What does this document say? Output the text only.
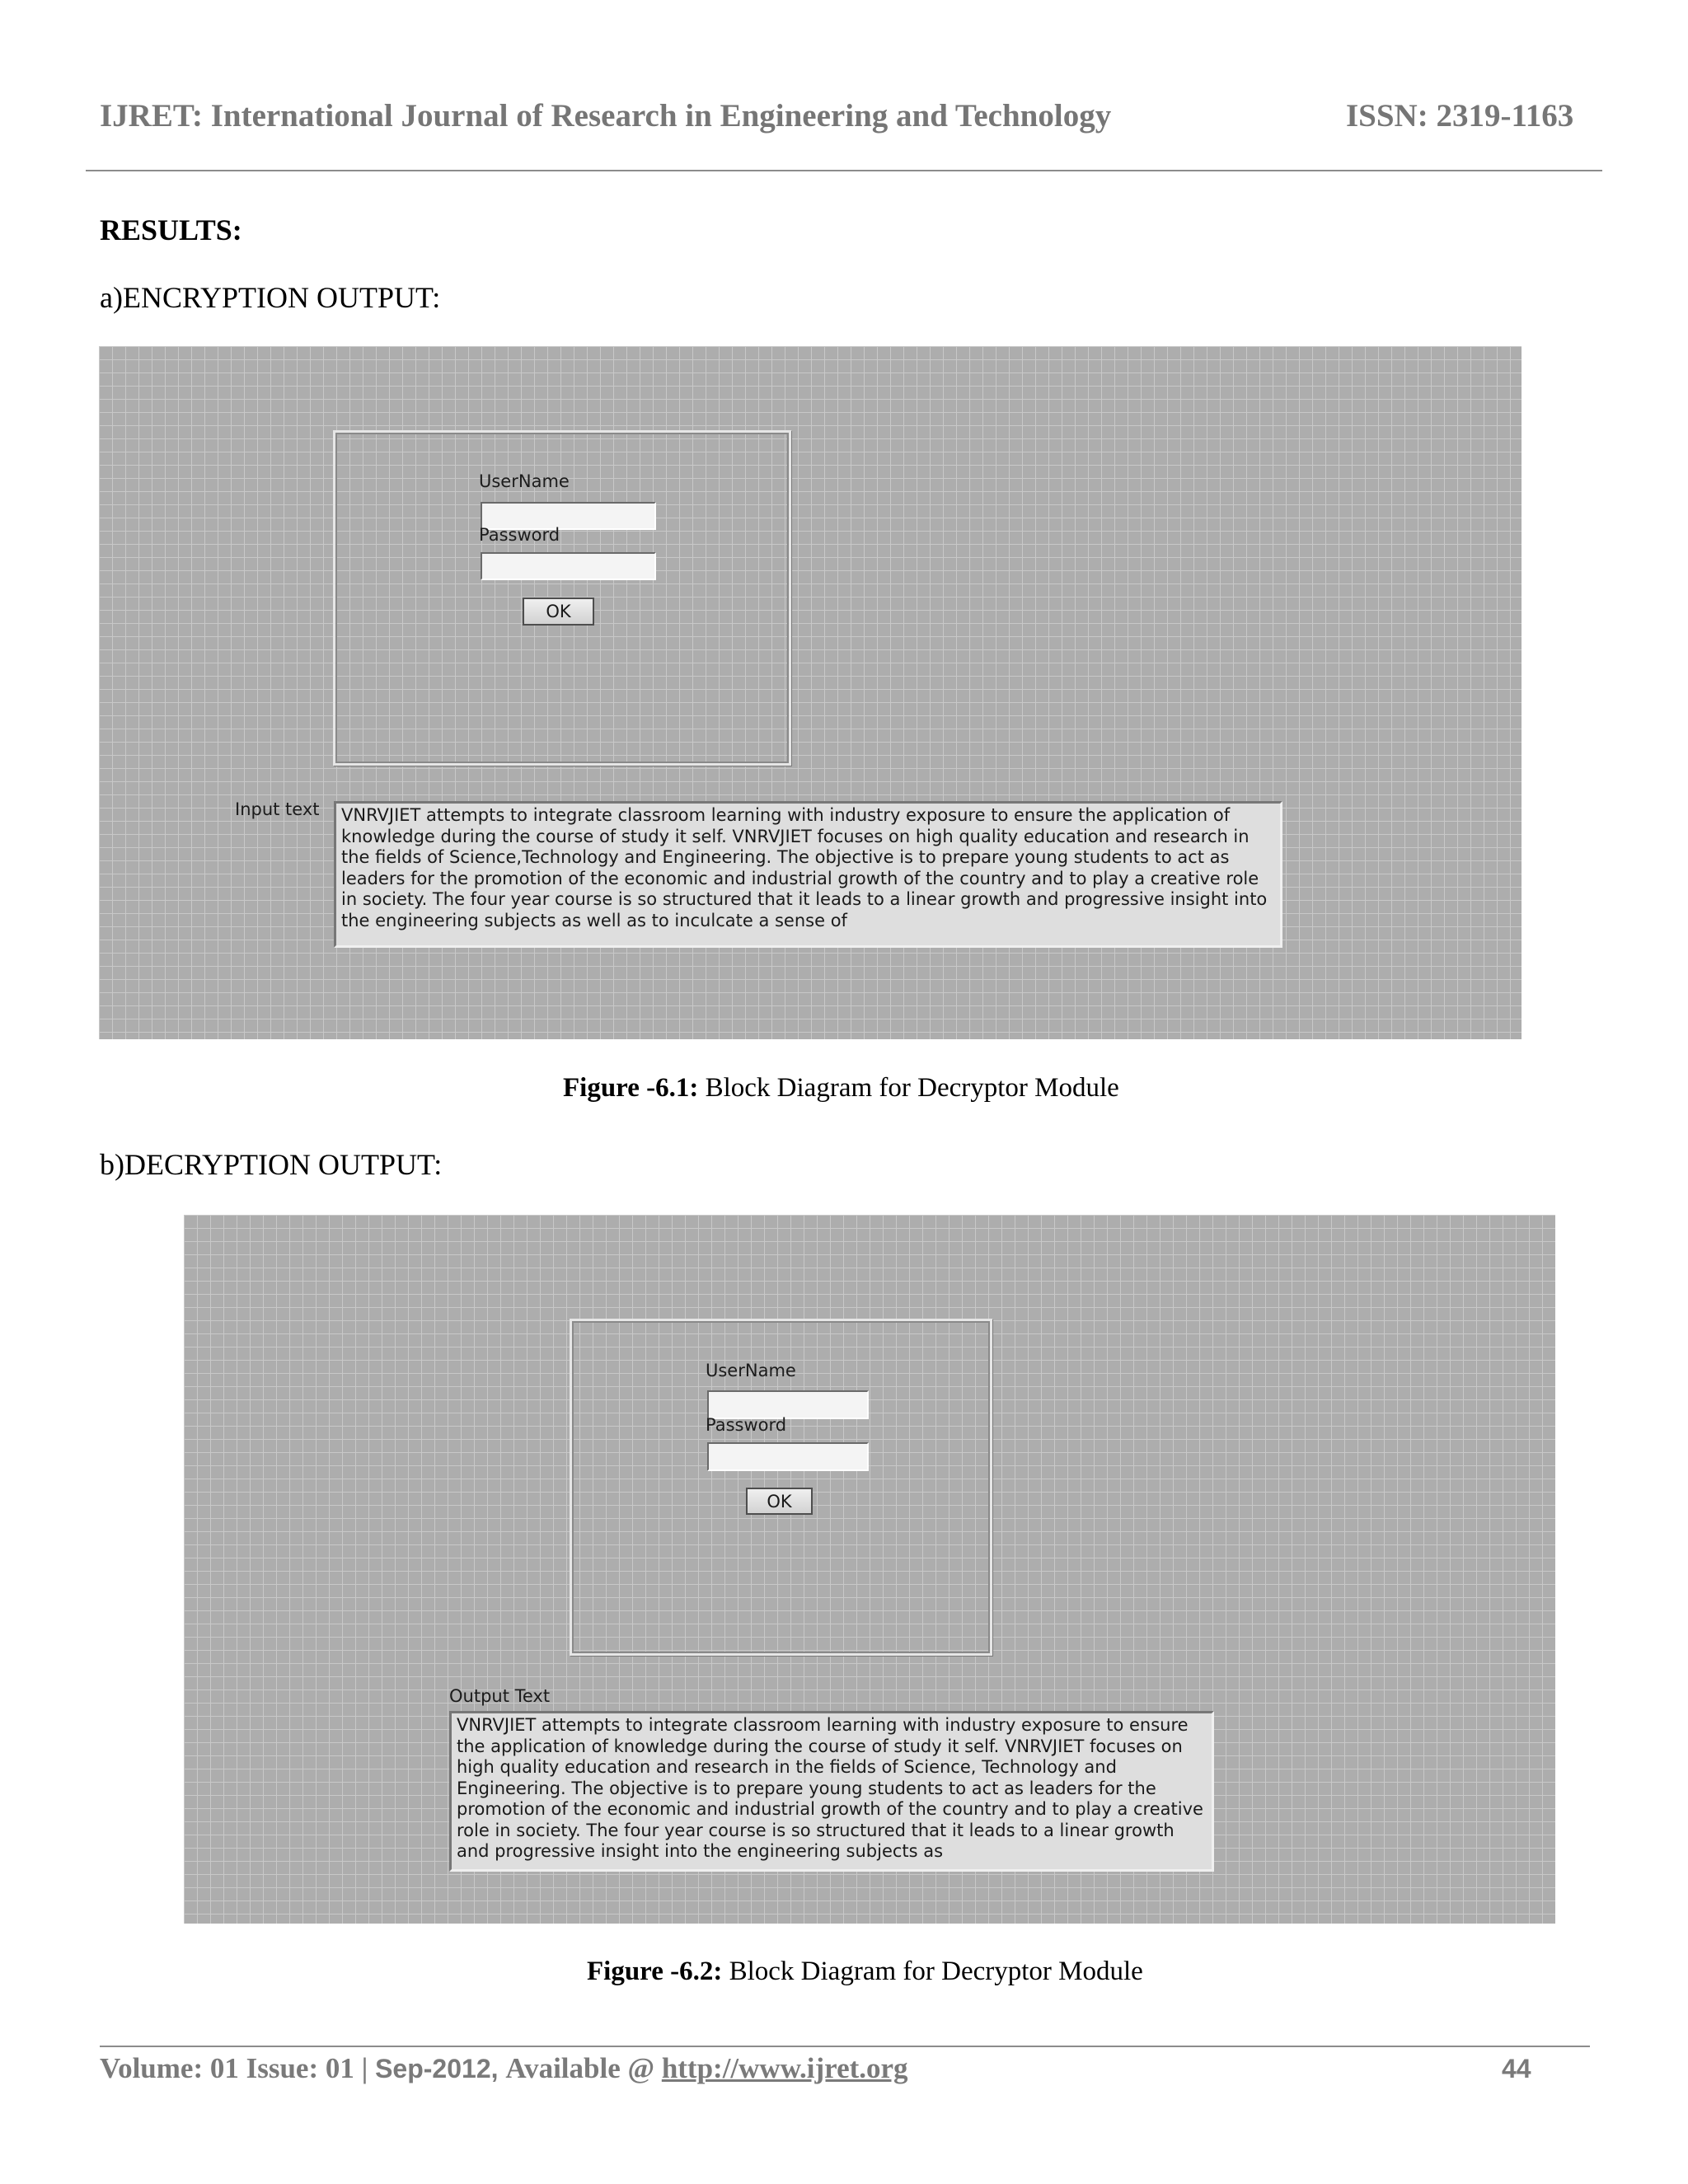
IJRET: International Journal of Research in Engineering and Technology	ISSN: 2319-1163
RESULTS:
a)ENCRYPTION OUTPUT:
UserName
Password
OK
Input text	VNRVJIET attempts to integrate classroom learning with industry exposure to ensure the application of knowledge during the course of study it self. VNRVJIET focuses on high quality education and research in the fields of Science,Technology and Engineering. The objective is to prepare young students to act as leaders for the promotion of the economic and industrial growth of the country and to play a creative role in society. The four year course is so structured that it leads to a linear growth and progressive insight into the engineering subjects as well as to inculcate a sense of
Figure -6.1: Block Diagram for Decryptor Module
b)DECRYPTION OUTPUT:
UserName
Password
OK
Output Text
VNRVJIET attempts to integrate classroom learning with industry exposure to ensure the application of knowledge during the course of study it self. VNRVJIET focuses on high quality education and research in the fields of Science, Technology and Engineering. The objective is to prepare young students to act as leaders for the promotion of the economic and industrial growth of the country and to play a creative role in society. The four year course is so structured that it leads to a linear growth and progressive insight into the engineering subjects as
Figure -6.2: Block Diagram for Decryptor Module
Volume: 01 Issue: 01 | Sep-2012, Available @ http://www.ijret.org	44
